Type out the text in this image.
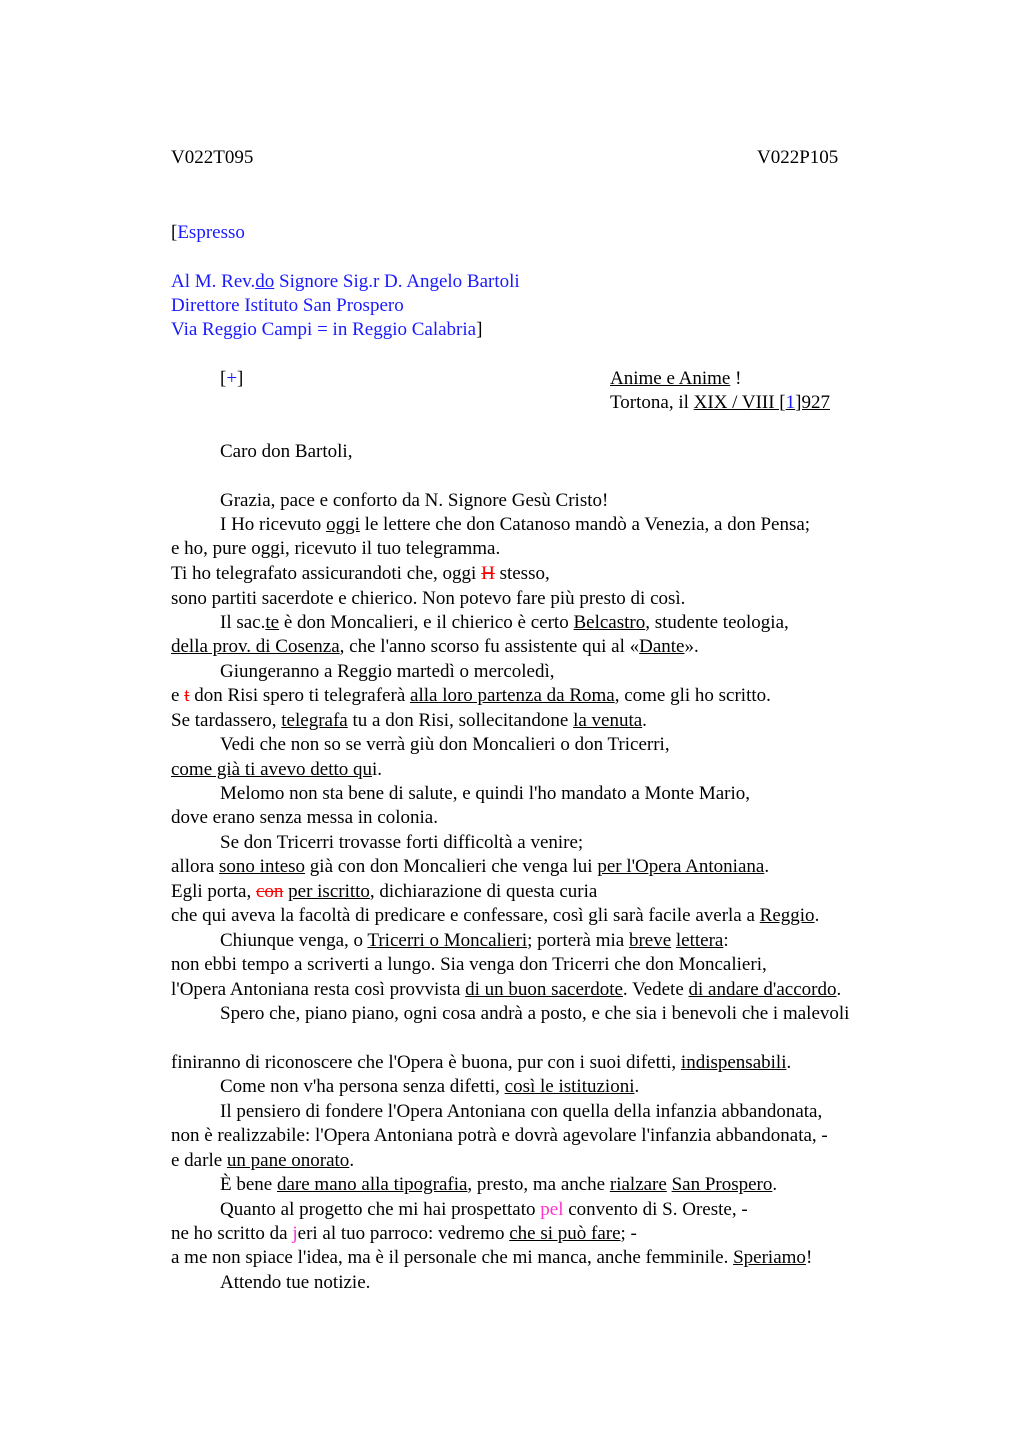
V022T095	V022P105
[Espresso
Al M. Rev.do Signore Sig.r D. Angelo Bartoli
Direttore Istituto San Prospero
Via Reggio Campi = in Reggio Calabria]
[+]	Anime e Anime !
Tortona, il XIX / VIII [1]927
Caro don Bartoli,
Grazia, pace e conforto da N. Signore Gesù Cristo!
I Ho ricevuto oggi le lettere che don Catanoso mandò a Venezia, a don Pensa;
e ho, pure oggi, ricevuto il tuo telegramma.
Ti ho telegrafato assicurandoti che, oggi H stesso,
sono partiti sacerdote e chierico. Non potevo fare più presto di così.
Il sac.te è don Moncalieri, e il chierico è certo Belcastro, studente teologia,
della prov. di Cosenza, che l'anno scorso fu assistente qui al «Dante».
Giungeranno a Reggio martedì o mercoledì,
e t don Risi spero ti telegraferà alla loro partenza da Roma, come gli ho scritto.
Se tardassero, telegrafa tu a don Risi, sollecitandone la venuta.
Vedi che non so se verrà giù don Moncalieri o don Tricerri,
come già ti avevo detto qui.
Melomo non sta bene di salute, e quindi l'ho mandato a Monte Mario,
dove erano senza messa in colonia.
Se don Tricerri trovasse forti difficoltà a venire;
allora sono inteso già con don Moncalieri che venga lui per l'Opera Antoniana.
Egli porta, con per iscritto, dichiarazione di questa curia
che qui aveva la facoltà di predicare e confessare, così gli sarà facile averla a Reggio.
Chiunque venga, o Tricerri o Moncalieri; porterà mia breve lettera:
non ebbi tempo a scriverti a lungo. Sia venga don Tricerri che don Moncalieri,
l'Opera Antoniana resta così provvista di un buon sacerdote. Vedete di andare d'accordo.
Spero che, piano piano, ogni cosa andrà a posto, e che sia i benevoli che i malevoli
finiranno di riconoscere che l'Opera è buona, pur con i suoi difetti, indispensabili.
Come non v'ha persona senza difetti, così le istituzioni.
Il pensiero di fondere l'Opera Antoniana con quella della infanzia abbandonata,
non è realizzabile: l'Opera Antoniana potrà e dovrà agevolare l'infanzia abbandonata, -
e darle un pane onorato.
È bene dare mano alla tipografia, presto, ma anche rialzare San Prospero.
Quanto al progetto che mi hai prospettato pel convento di S. Oreste, -
ne ho scritto da jeri al tuo parroco: vedremo che si può fare; -
a me non spiace l'idea, ma è il personale che mi manca, anche femminile. Speriamo!
Attendo tue notizie.
